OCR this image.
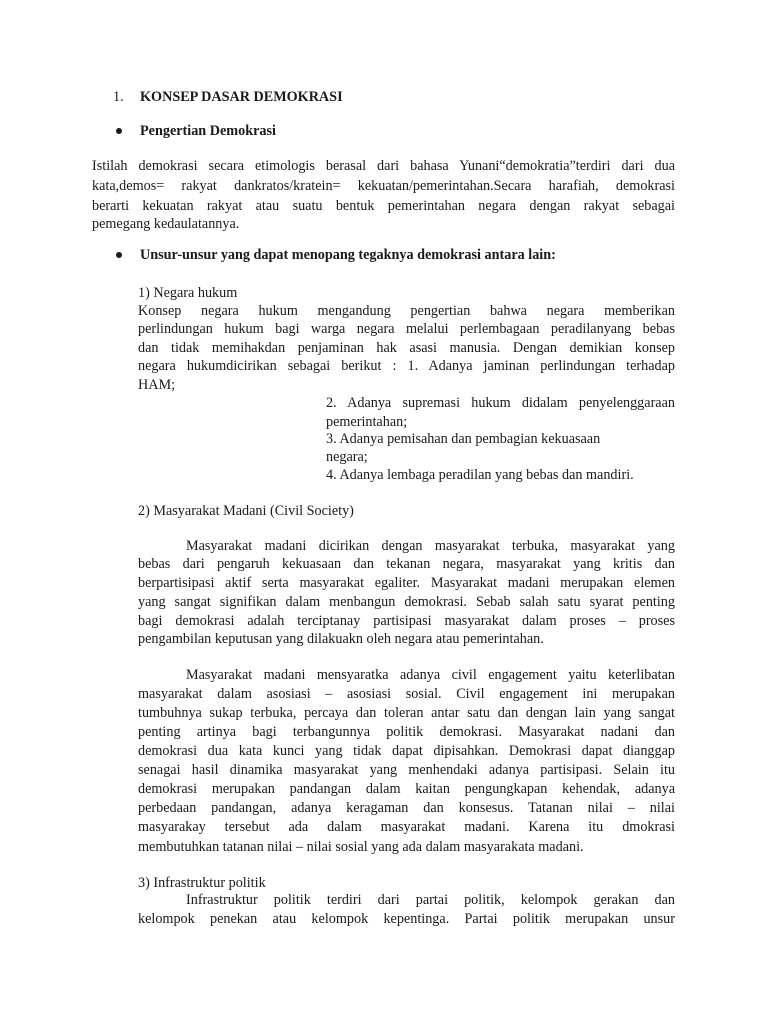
1. KONSEP DASAR DEMOKRASI
Pengertian Demokrasi
Istilah demokrasi secara etimologis berasal dari bahasa Yunani“demokratia”terdiri dari dua
kata,demos= rakyat dankratos/kratein= kekuatan/pemerintahan.Secara harafiah, demokrasi
berarti kekuatan rakyat atau suatu bentuk pemerintahan negara dengan rakyat sebagai
pemegang kedaulatannya.
Unsur-unsur yang dapat menopang tegaknya demokrasi antara lain:
1) Negara hukum
Konsep negara hukum mengandung pengertian bahwa negara memberikan
perlindungan hukum bagi warga negara melalui perlembagaan peradilanyang bebas
dan tidak memihakdan penjaminan hak asasi manusia. Dengan demikian konsep
negara hukumdicirikan sebagai berikut : 1. Adanya jaminan perlindungan terhadap
HAM;
2. Adanya supremasi hukum didalam penyelenggaraan
pemerintahan;
3. Adanya pemisahan dan pembagian kekuasaan
negara;
4. Adanya lembaga peradilan yang bebas dan mandiri.
2) Masyarakat Madani (Civil Society)
Masyarakat madani dicirikan dengan masyarakat terbuka, masyarakat yang
bebas dari pengaruh kekuasaan dan tekanan negara, masyarakat yang kritis dan
berpartisipasi aktif serta masyarakat egaliter. Masyarakat madani merupakan elemen
yang sangat signifikan dalam menbangun demokrasi. Sebab salah satu syarat penting
bagi demokrasi adalah terciptanay partisipasi masyarakat dalam proses – proses
pengambilan keputusan yang dilakuakn oleh negara atau pemerintahan.
Masyarakat madani mensyaratka adanya civil engagement yaitu keterlibatan
masyarakat dalam asosiasi – asosiasi sosial. Civil engagement ini merupakan
tumbuhnya sukap terbuka, percaya dan toleran antar satu dan dengan lain yang sangat
penting artinya bagi terbangunnya politik demokrasi. Masyarakat nadani dan
demokrasi dua kata kunci yang tidak dapat dipisahkan. Demokrasi dapat dianggap
senagai hasil dinamika masyarakat yang menhendaki adanya partisipasi. Selain itu
demokrasi merupakan pandangan dalam kaitan pengungkapan kehendak, adanya
perbedaan pandangan, adanya keragaman dan konsesus. Tatanan nilai – nilai
masyarakay tersebut ada dalam masyarakat madani. Karena itu dmokrasi
membutuhkan tatanan nilai – nilai sosial yang ada dalam masyarakata madani.
3) Infrastruktur politik
Infrastruktur politik terdiri dari partai politik, kelompok gerakan dan
kelompok penekan atau kelompok kepentinga. Partai politik merupakan unsur
